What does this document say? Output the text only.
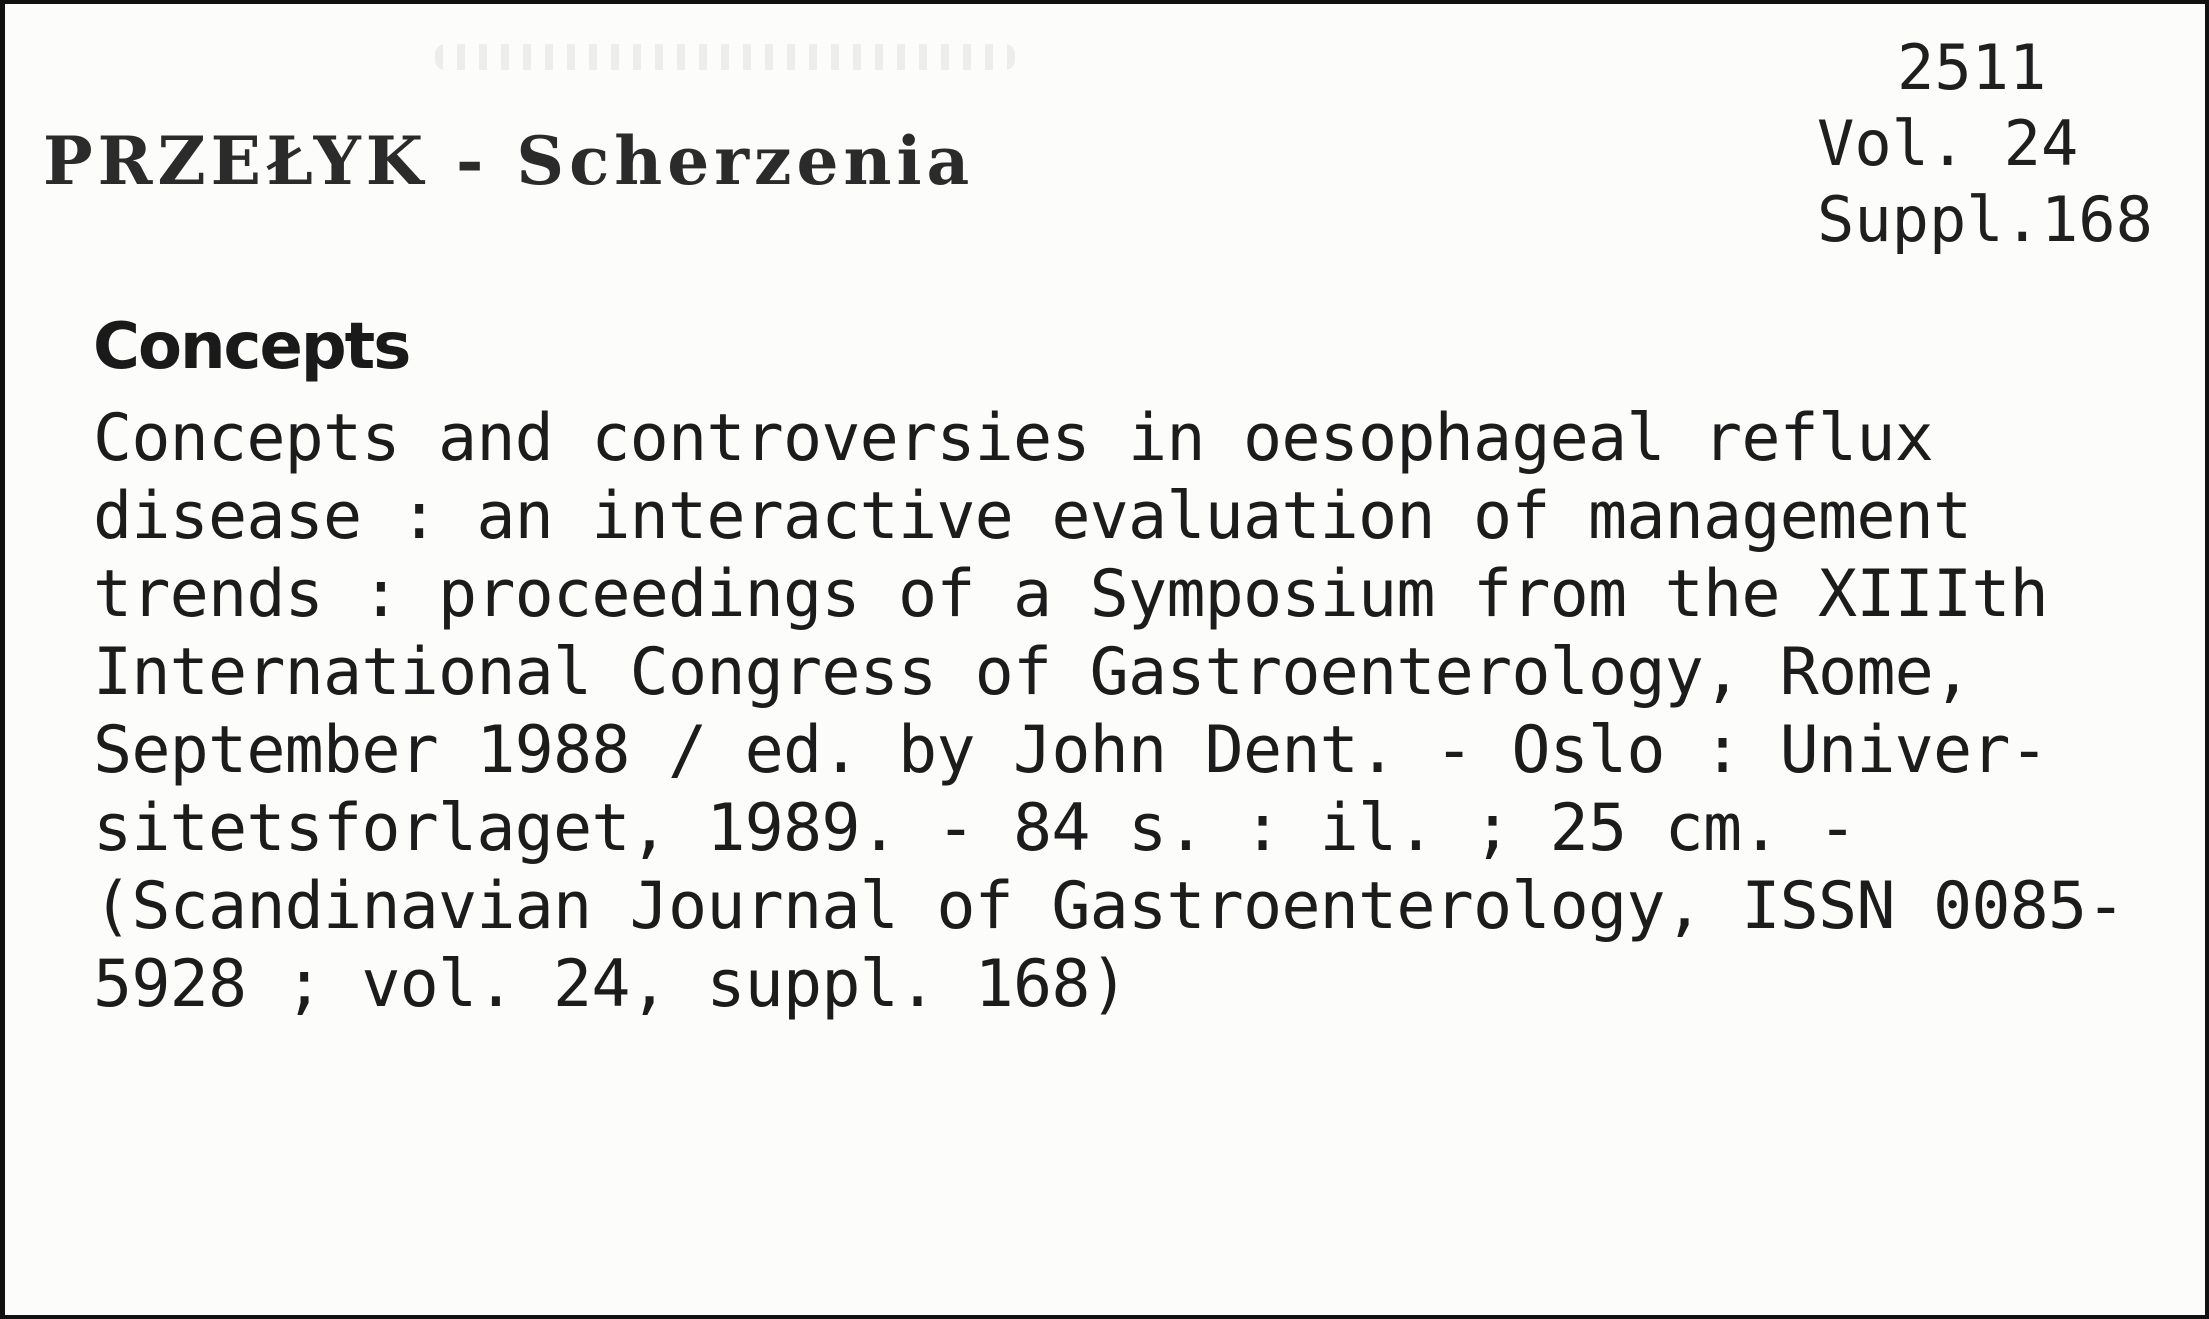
PRZEŁYK - Scherzenia
2511
Vol. 24
Suppl.168
Concepts
Concepts and controversies in oesophageal reflux
disease : an interactive evaluation of management
trends : proceedings of a Symposium from the XIIIth
International Congress of Gastroenterology, Rome,
September 1988 / ed. by John Dent. - Oslo : Univer-
sitetsforlaget, 1989. - 84 s. : il. ; 25 cm. -
(Scandinavian Journal of Gastroenterology, ISSN 0085-
5928 ; vol. 24, suppl. 168)
